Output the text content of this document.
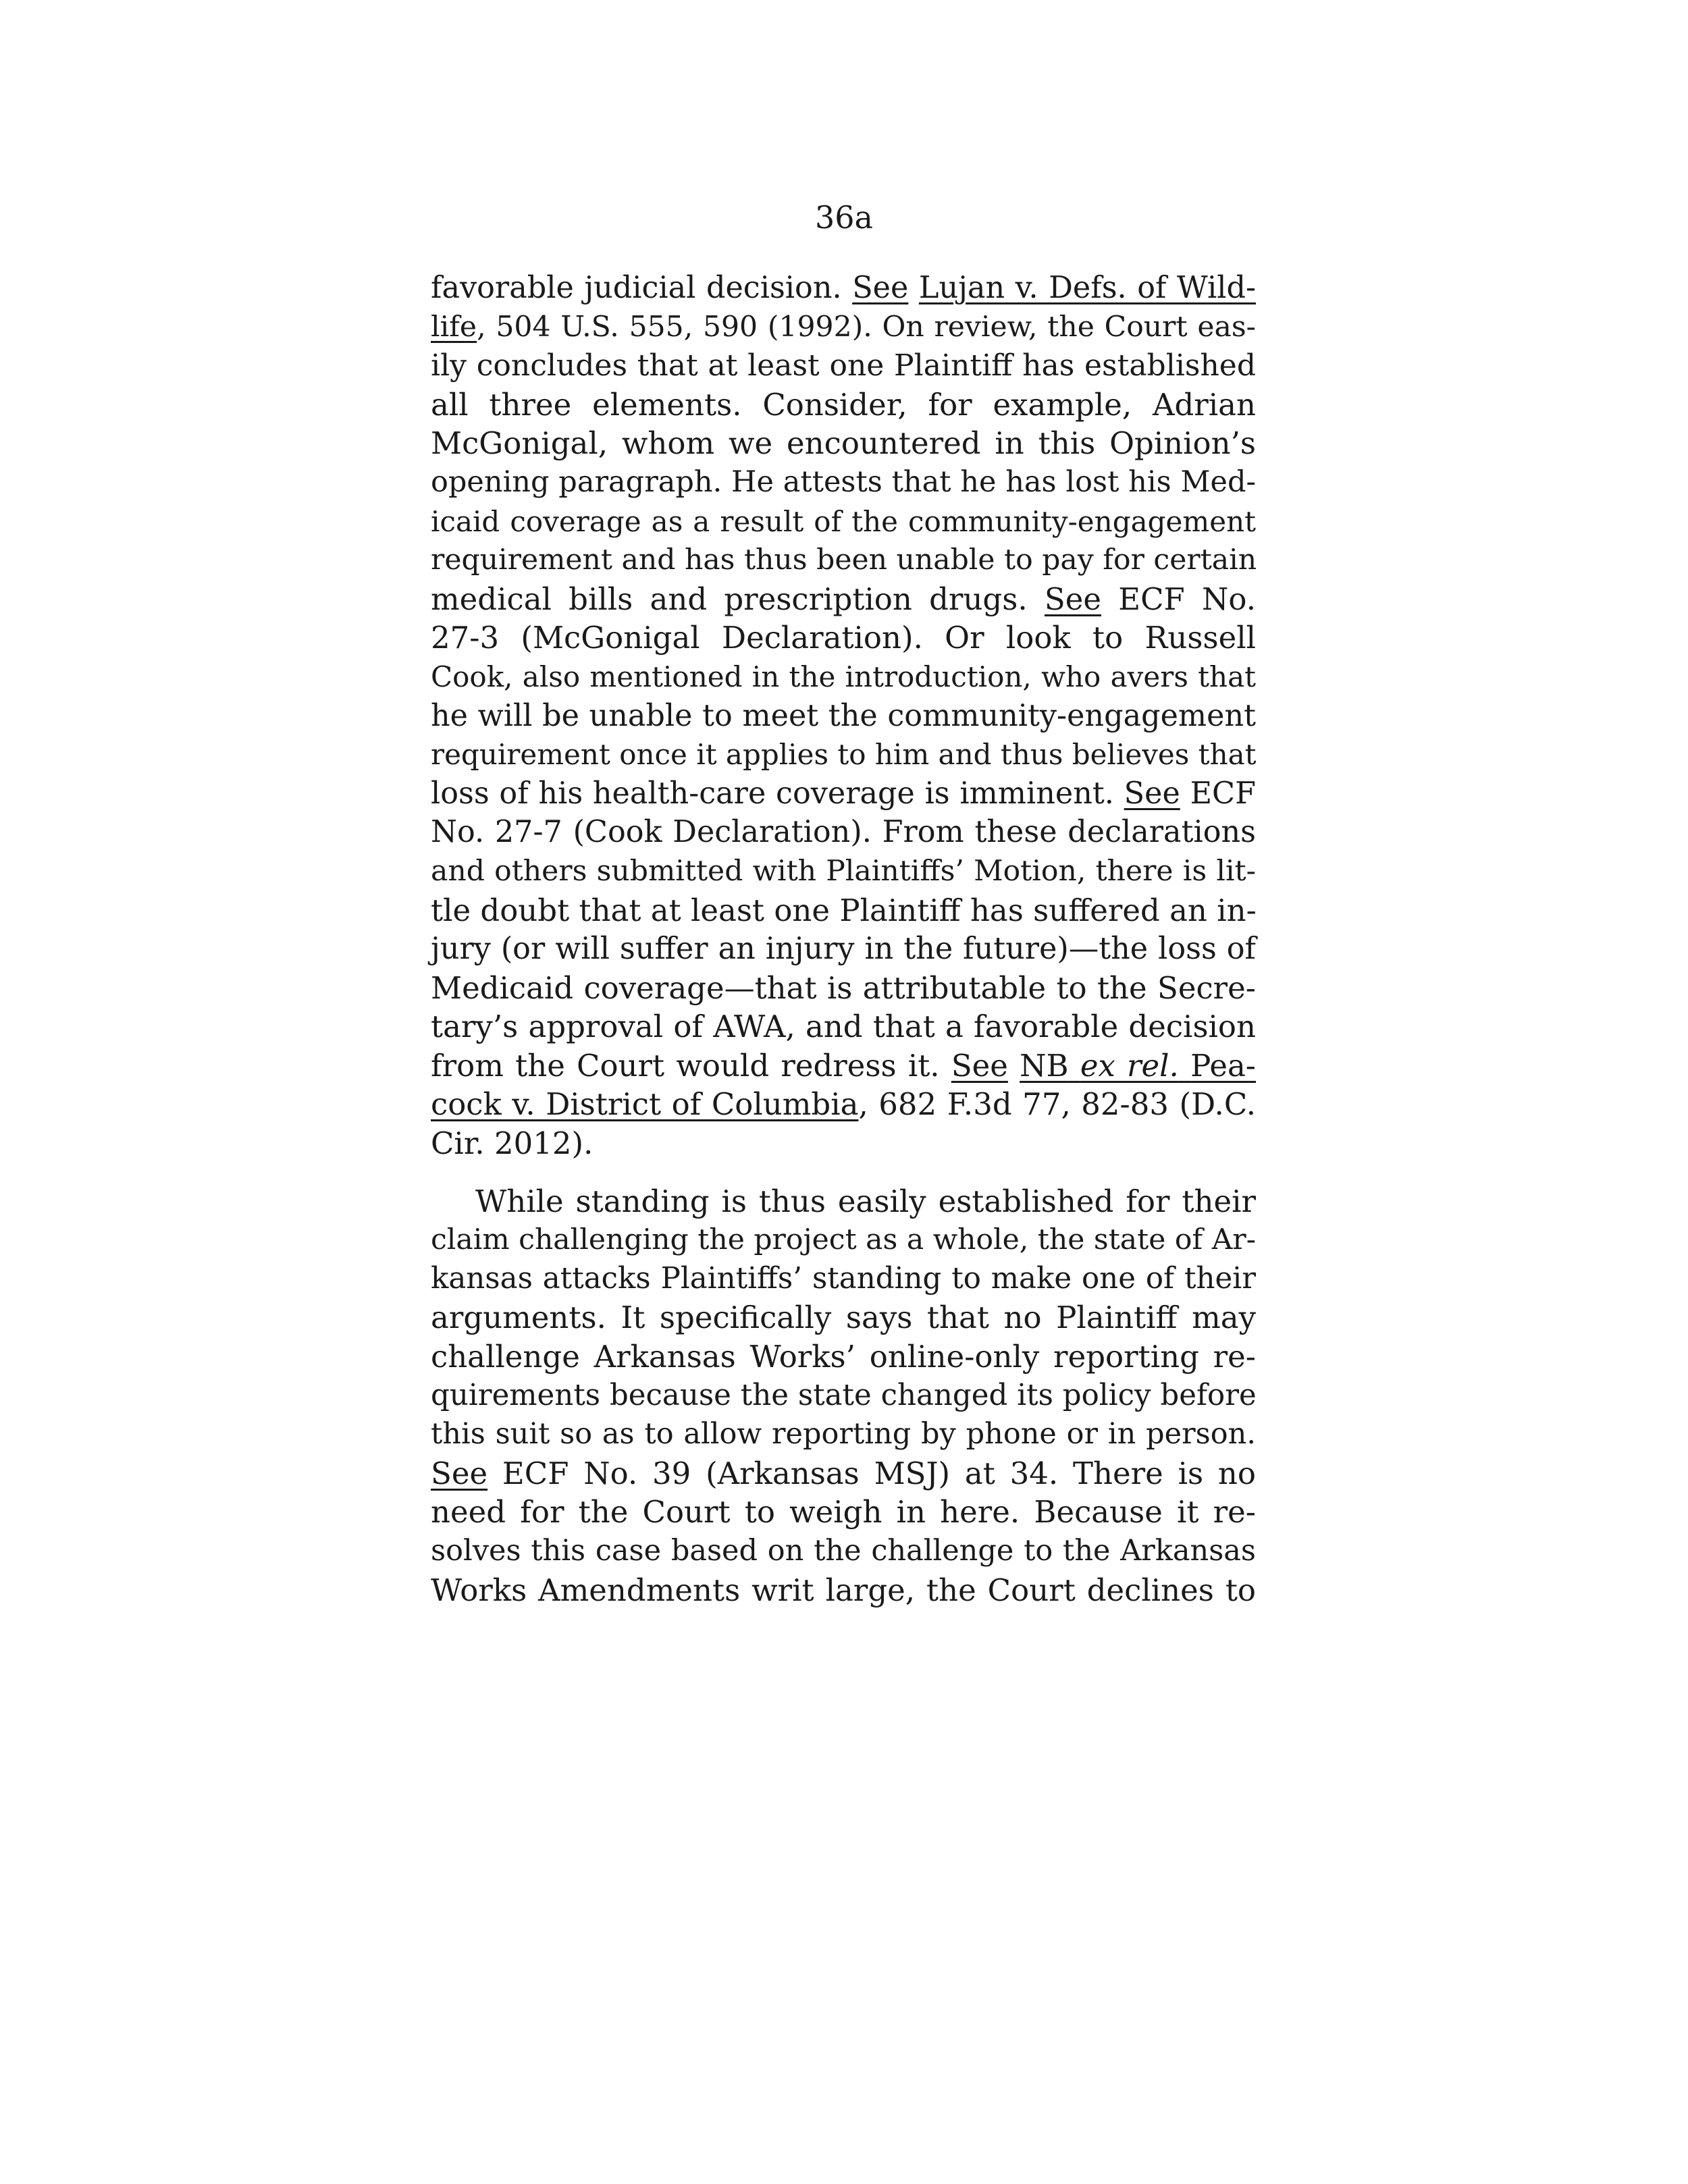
36a
favorable judicial decision. See Lujan v. Defs. of Wild-
life, 504 U.S. 555, 590 (1992). On review, the Court eas-
ily concludes that at least one Plaintiff has established
all three elements. Consider, for example, Adrian
McGonigal, whom we encountered in this Opinion’s
opening paragraph. He attests that he has lost his Med-
icaid coverage as a result of the community-engagement
requirement and has thus been unable to pay for certain
medical bills and prescription drugs. See ECF No.
27-3 (McGonigal Declaration). Or look to Russell
Cook, also mentioned in the introduction, who avers that
he will be unable to meet the community-engagement
requirement once it applies to him and thus believes that
loss of his health-care coverage is imminent. See ECF
No. 27-7 (Cook Declaration). From these declarations
and others submitted with Plaintiffs’ Motion, there is lit-
tle doubt that at least one Plaintiff has suffered an in-
jury (or will suffer an injury in the future)—the loss of
Medicaid coverage—that is attributable to the Secre-
tary’s approval of AWA, and that a favorable decision
from the Court would redress it. See NB ex rel. Pea-
cock v. District of Columbia, 682 F.3d 77, 82-83 (D.C.
Cir. 2012).
While standing is thus easily established for their
claim challenging the project as a whole, the state of Ar-
kansas attacks Plaintiffs’ standing to make one of their
arguments. It specifically says that no Plaintiff may
challenge Arkansas Works’ online-only reporting re-
quirements because the state changed its policy before
this suit so as to allow reporting by phone or in person.
See ECF No. 39 (Arkansas MSJ) at 34. There is no
need for the Court to weigh in here. Because it re-
solves this case based on the challenge to the Arkansas
Works Amendments writ large, the Court declines to
